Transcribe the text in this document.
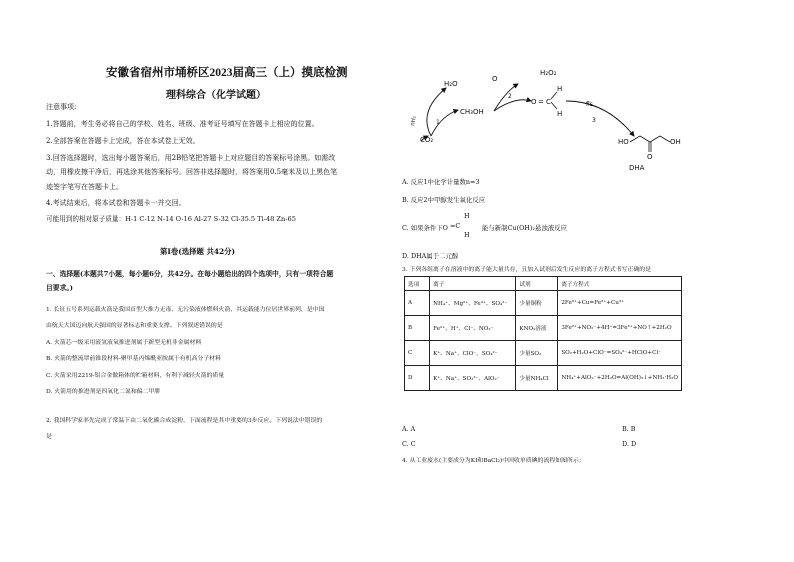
安徽省宿州市埇桥区2023届高三（上）摸底检测
理科综合（化学试题）
注意事项:
1.答题前，考生务必将自己的学校、姓名、班级、准考证号填写在答题卡上相应的位置。
2.全部答案在答题卡上完成，答在本试卷上无效。
3.回答选择题时，选出每小题答案后，用2B铅笔把答题卡上对应题目的答案标号涂黑。如需改
动，用橡皮擦干净后，再选涂其他答案标号。回答非选择题时，将答案用0.5毫米及以上黑色笔
迹签字笔写在答题卡上。
4.考试结束后，将本试卷和答题卡一并交回。
可能用到的相对原子质量：H-1 C-12 N-14 O-16 Al-27 S-32 Cl-35.5 Ti-48 Zn-65
第Ⅰ卷(选择题 共42分)
一、选择题(本题共7小题，每小题6分，共42分。在每小题给出的四个选项中，只有一项符合题
目要求。)
1. 长征五号系列运载火箭是我国首型大推力无毒、无污染液体燃料火箭，其运载能力位居世界前列，是中国
由航天大国迈向航天强国的显著标志和重要支撑。下列叙述错误的是
A. 火箭芯一级采用液氢液氧推进剂属于新型无机非金属材料
B. 火箭的整流罩前锥段材料-聚甲基丙烯酰亚胺属于有机高分子材料
C. 火箭采用2219-铝合金做箱体的贮箱材料，有利于减轻火箭的质量
D. 火箭用的推进剂是四氧化二氮和偏二甲肼
2. 我国科学家率先完成了常温下由二氧化碳合成淀粉，下面流程是其中重要的3步反应。下列说法中错误的
是
H₂O
CH₃OH
1
nH₂
CO₂
O
H₂O₂
2
O = C
H
H
fls
3
HO
O
OH
DHA
A. 反应1中化学计量数n=3
B. 反应2中甲醇发生氧化反应
C. 如果条件下O
H
=C
H
能与新制Cu(OH)₂悬浊液反应
D. DHA属于二元醇
3. 下列各组离子在溶液中的离子能大量共存，且加入试剂后发生反应的离子方程式书写正确的是
选项	离子	试剂	离子方程式
A	NH₄⁺、Mg²⁺、Fe³⁺、SO₄²⁻	少量铜粉	2Fe³⁺+Cu=Fe²⁺+Cu²⁺
B	Fe²⁺、H⁺、Cl⁻、NO₃⁻	KNO₃溶液	3Fe²⁺+NO₃⁻+4H⁺=3Fe³⁺+NO↑+2H₂O
C	K⁺、Na⁺、ClO⁻、SO₄²⁻	少量SO₂	SO₂+H₂O+ClO⁻=SO₄²⁻+HClO+Cl⁻
D	K⁺、Na⁺、SO₃²⁻、AlO₂⁻	少量NH₄Cl	NH₄⁺+AlO₂⁻+2H₂O=Al(OH)₃↓+NH₃·H₂O
A. A	B. B
C. C	D. D
4. 从工业废水(主要成分为KI和BaCl₂)中回收单质碘的流程如图所示：
